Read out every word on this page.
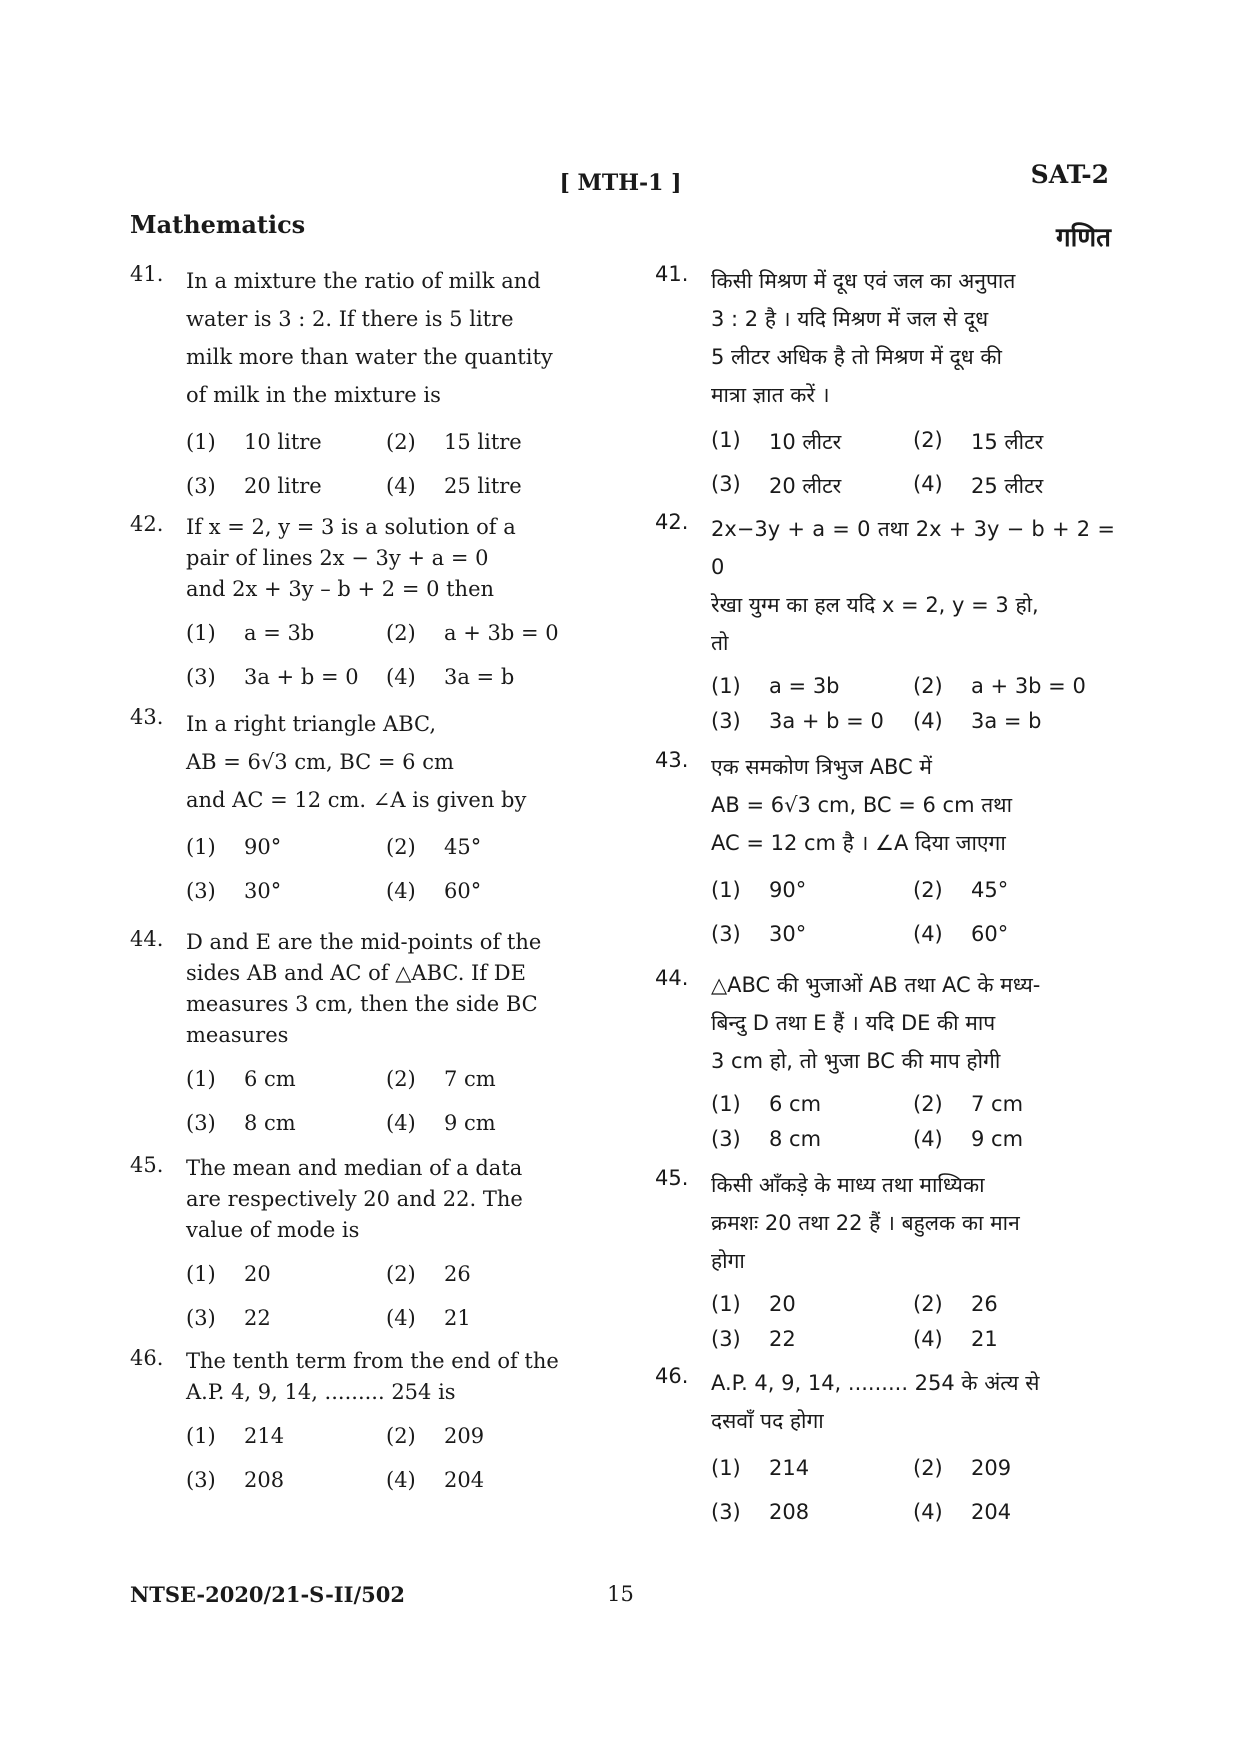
[ MTH-1 ]	SAT-2
Mathematics	गणित
41. In a mixture the ratio of milk and

water is 3 : 2. If there is 5 litre

milk more than water the quantity

of milk in the mixture is

(1)	10 litre	(2)	15 litre
(3)	20 litre	(4)	25 litre
42. If x = 2, y = 3 is a solution of a

pair of lines 2x − 3y + a = 0

and 2x + 3y – b + 2 = 0 then

(1)	a = 3b	(2)	a + 3b = 0
(3)	3a + b = 0 (4)	3a = b
43. In a right triangle ABC,

AB = 6√3 cm, BC = 6 cm

and AC = 12 cm. ∠A is given by

(1)	90°	(2)	45°
(3)	30°	(4)	60°
44. D and E are the mid-points of the

sides AB and AC of △ABC. If DE

measures 3 cm, then the side BC

measures

(1)	6 cm	(2)	7 cm
(3)	8 cm	(4)	9 cm
45. The mean and median of a data

are respectively 20 and 22. The

value of mode is

(1)	20	(2)	26
(3)	22	(4)	21
46. The tenth term from the end of the

A.P. 4, 9, 14, ......... 254 is

(1)	214	(2)	209
(3)	208	(4)	204
41. किसी मिश्रण में दूध एवं जल का अनुपात

3 : 2 है । यदि मिश्रण में जल से दूध

5 लीटर अधिक है तो मिश्रण में दूध की

मात्रा ज्ञात करें ।

(1)	10 लीटर	(2)	15 लीटर
(3)	20 लीटर	(4)	25 लीटर
42. 2x−3y + a = 0 तथा 2x + 3y − b + 2 = 0

रेखा युग्म का हल यदि x = 2, y = 3 हो,

तो

(1)	a = 3b	(2)	a + 3b = 0
(3)	3a + b = 0 (4)	3a = b
43. एक समकोण त्रिभुज ABC में

AB = 6√3 cm, BC = 6 cm तथा

AC = 12 cm है । ∠A दिया जाएगा

(1)	90°	(2)	45°
(3)	30°	(4)	60°
44. △ABC की भुजाओं AB तथा AC के मध्य-

बिन्दु D तथा E हैं । यदि DE की माप

3 cm हो, तो भुजा BC की माप होगी

(1)	6 cm	(2)	7 cm
(3)	8 cm	(4)	9 cm
45. किसी आँकड़े के माध्य तथा माध्यिका

क्रमशः 20 तथा 22 हैं । बहुलक का मान

होगा

(1)	20	(2)	26
(3)	22	(4)	21
46. A.P. 4, 9, 14, ......... 254 के अंत्य से

दसवाँ पद होगा

(1)	214	(2)	209
(3)	208	(4)	204
NTSE-2020/21-S-II/502	15
